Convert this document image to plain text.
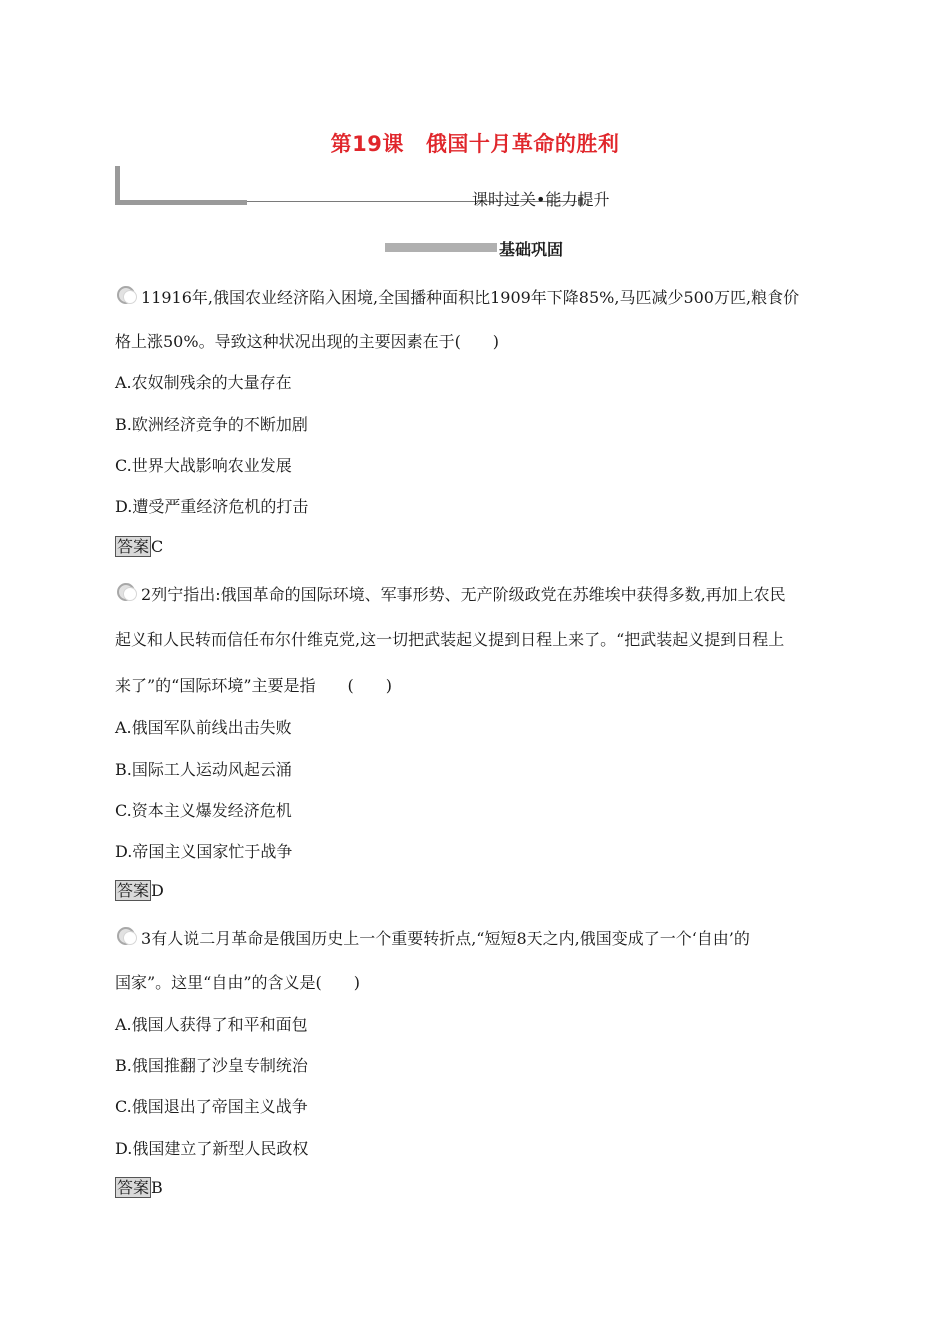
第19课 俄国十月革命的胜利
课时过关•能力提升
基础巩固
11916年,俄国农业经济陷入困境,全国播种面积比1909年下降85%,马匹减少500万匹,粮食价
格上涨50%。导致这种状况出现的主要因素在于(　　)
A.农奴制残余的大量存在
B.欧洲经济竞争的不断加剧
C.世界大战影响农业发展
D.遭受严重经济危机的打击
答案 C
2列宁指出:俄国革命的国际环境、军事形势、无产阶级政党在苏维埃中获得多数,再加上农民
起义和人民转而信任布尔什维克党,这一切把武装起义提到日程上来了。“把武装起义提到日程上
来了”的“国际环境”主要是指　　(　　)
A.俄国军队前线出击失败
B.国际工人运动风起云涌
C.资本主义爆发经济危机
D.帝国主义国家忙于战争
答案 D
3有人说二月革命是俄国历史上一个重要转折点,“短短8天之内,俄国变成了一个‘自由’的
国家”。这里“自由”的含义是(　　)
A.俄国人获得了和平和面包
B.俄国推翻了沙皇专制统治
C.俄国退出了帝国主义战争
D.俄国建立了新型人民政权
答案 B
